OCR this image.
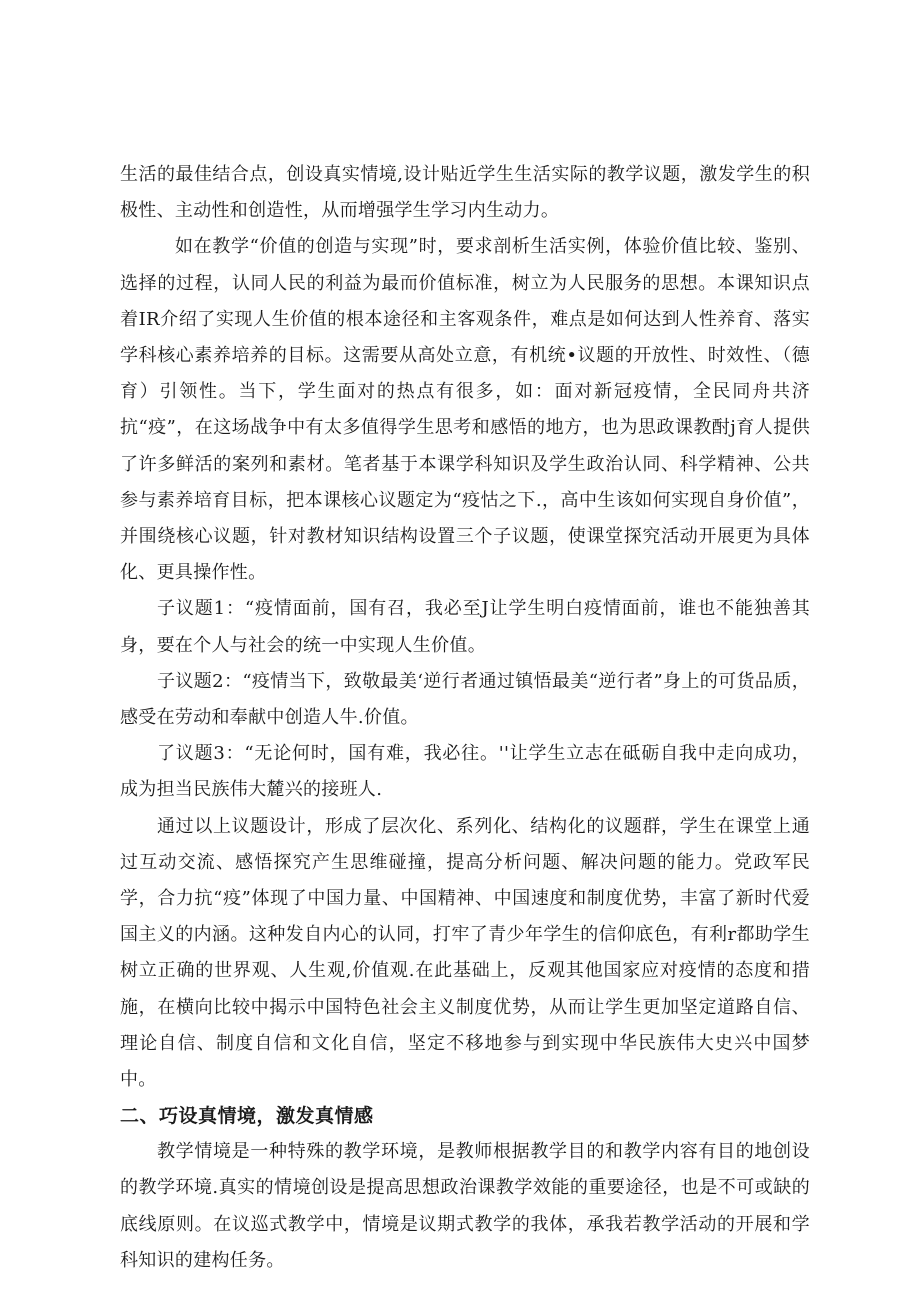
生活的最佳结合点，创设真实情境,设计贴近学生生活实际的教学议题，激发学生的积极性、主动性和创造性，从而增强学生学习内生动力。

如在教学“价值的创造与实现”时，要求剖析生活实例，体验价值比较、鉴别、选择的过程，认同人民的利益为最而价值标准，树立为人民服务的思想。本课知识点着IR介绍了实现人生价值的根本途径和主客观条件，难点是如何达到人性养育、落实学科核心素养培养的目标。这需要从高处立意，有机统•议题的开放性、时效性、（德育）引领性。当下，学生面对的热点有很多，如：面对新冠疫情，全民同舟共济抗“疫”，在这场战争中有太多值得学生思考和感悟的地方，也为思政课教酎j育人提供了许多鲜活的案列和素材。笔者基于本课学科知识及学生政治认同、科学精神、公共参与素养培育目标，把本课核心议题定为“疫怙之下.，高中生该如何实现自身价值”，并围绕核心议题，针对教材知识结构设置三个子议题，使课堂探究活动开展更为具体化、更具操作性。

子议题1：“疫情面前，国有召，我必至J让学生明白疫情面前，谁也不能独善其身，要在个人与社会的统一中实现人生价值。

子议题2：“疫情当下，致敬最美‘逆行者通过镇悟最美“逆行者”身上的可货品质，感受在劳动和奉献中创造人牛.价值。

了议题3：“无论何时，国有难，我必往。''让学生立志在砥砺自我中走向成功，成为担当民族伟大麓兴的接班人.

通过以上议题设计，形成了层次化、系列化、结构化的议题群，学生在课堂上通过互动交流、感悟探究产生思维碰撞，提高分析问题、解决问题的能力。党政军民学，合力抗“疫”体现了中国力量、中国精神、中国速度和制度优势，丰富了新时代爱国主义的内涵。这种发自内心的认同，打牢了青少年学生的信仰底色，有利r都助学生树立正确的世界观、人生观,价值观.在此基础上，反观其他国家应对疫情的态度和措施，在横向比较中揭示中国特色社会主义制度优势，从而让学生更加坚定道路自信、理论自信、制度自信和文化自信，坚定不移地参与到实现中华民族伟大史兴中国梦中。

二、巧设真情境，激发真情感

教学情境是一种特殊的教学环境，是教师根据教学目的和教学内容有目的地创设的教学环境.真实的情境创设是提高思想政治课教学效能的重要途径，也是不可或缺的底线原则。在议巡式教学中，情境是议期式教学的我体，承我若教学活动的开展和学科知识的建构任务。
